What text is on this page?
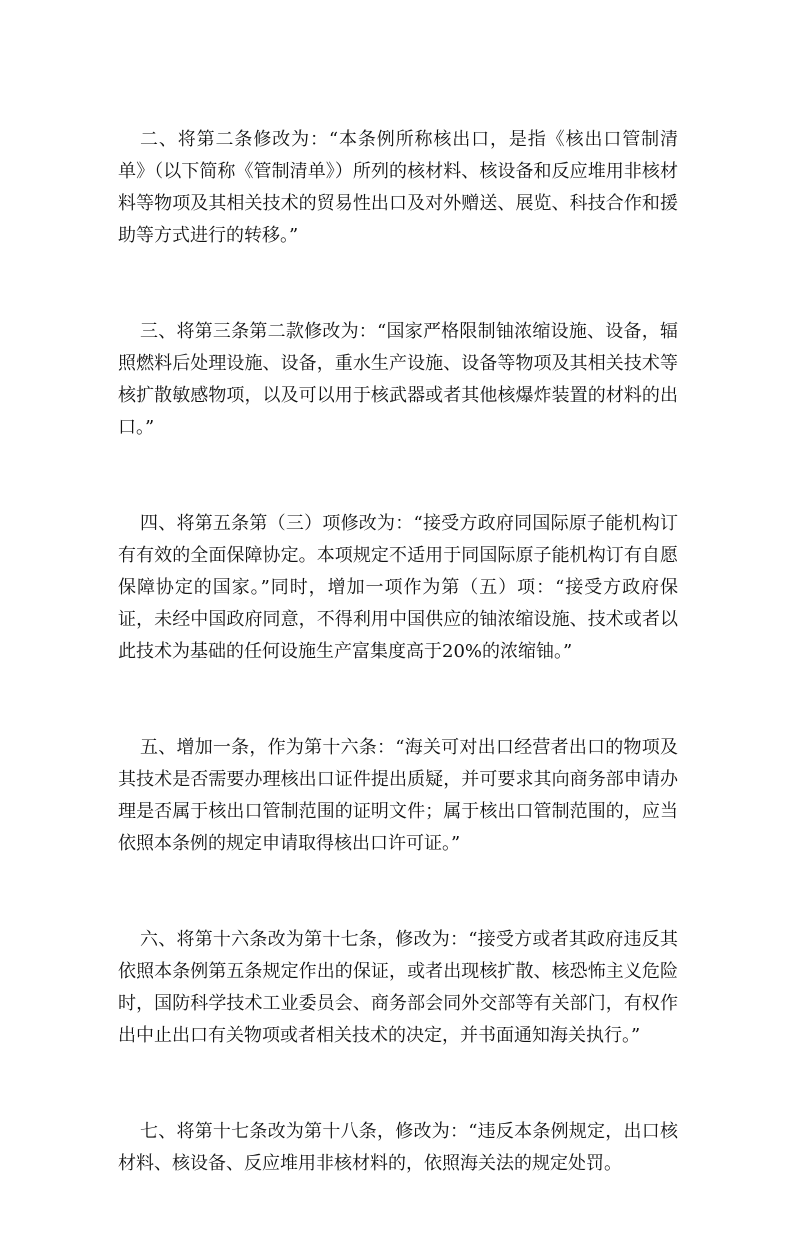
二、将第二条修改为：“本条例所称核出口，是指《核出口管制清单》（以下简称《管制清单》）所列的核材料、核设备和反应堆用非核材料等物项及其相关技术的贸易性出口及对外赠送、展览、科技合作和援助等方式进行的转移。”

三、将第三条第二款修改为：“国家严格限制铀浓缩设施、设备，辐照燃料后处理设施、设备，重水生产设施、设备等物项及其相关技术等核扩散敏感物项，以及可以用于核武器或者其他核爆炸装置的材料的出口。”

四、将第五条第（三）项修改为：“接受方政府同国际原子能机构订有有效的全面保障协定。本项规定不适用于同国际原子能机构订有自愿保障协定的国家。”同时，增加一项作为第（五）项：“接受方政府保证，未经中国政府同意，不得利用中国供应的铀浓缩设施、技术或者以此技术为基础的任何设施生产富集度高于20%的浓缩铀。”

五、增加一条，作为第十六条：“海关可对出口经营者出口的物项及其技术是否需要办理核出口证件提出质疑，并可要求其向商务部申请办理是否属于核出口管制范围的证明文件；属于核出口管制范围的，应当依照本条例的规定申请取得核出口许可证。”

六、将第十六条改为第十七条，修改为：“接受方或者其政府违反其依照本条例第五条规定作出的保证，或者出现核扩散、核恐怖主义危险时，国防科学技术工业委员会、商务部会同外交部等有关部门，有权作出中止出口有关物项或者相关技术的决定，并书面通知海关执行。”

七、将第十七条改为第十八条，修改为：“违反本条例规定，出口核材料、核设备、反应堆用非核材料的，依照海关法的规定处罚。
